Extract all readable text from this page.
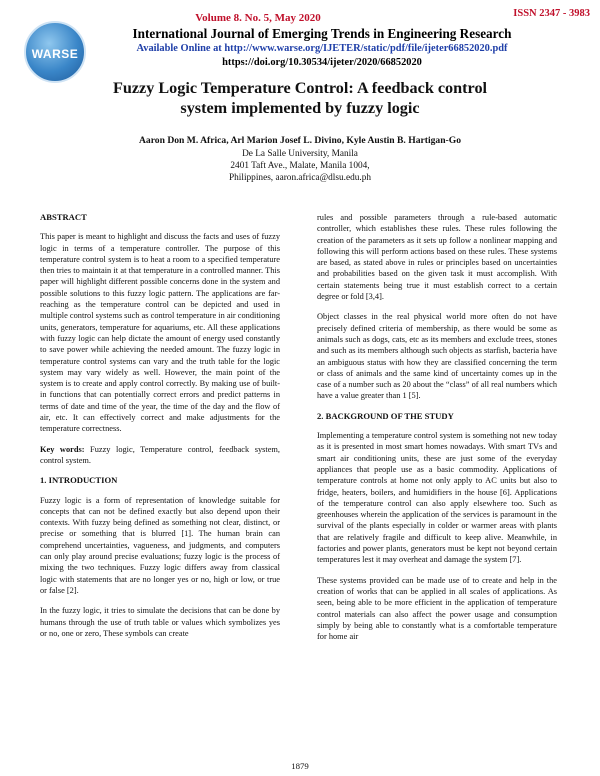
ISSN 2347 - 3983
WARSE
Volume 8. No. 5, May 2020
International Journal of Emerging Trends in Engineering Research
Available Online at http://www.warse.org/IJETER/static/pdf/file/ijeter66852020.pdf
https://doi.org/10.30534/ijeter/2020/66852020
Fuzzy Logic Temperature Control: A feedback control
system implemented by fuzzy logic
Aaron Don M. Africa, Arl Marion Josef L. Divino, Kyle Austin B. Hartigan-Go
De La Salle University, Manila
2401 Taft Ave., Malate, Manila 1004,
Philippines, aaron.africa@dlsu.edu.ph
ABSTRACT

This paper is meant to highlight and discuss the facts and uses of fuzzy logic in terms of a temperature controller. The purpose of this temperature control system is to heat a room to a specified temperature then tries to maintain it at that temperature in a controlled manner. This paper will highlight different possible concerns done in the system and possible solutions to this fuzzy logic pattern. The applications are far-reaching as the temperature control can be depicted and used in multiple control systems such as control temperature in air conditioning units, generators, temperature for aquariums, etc. All these applications with fuzzy logic can help dictate the amount of energy used constantly to save power while achieving the needed amount. The fuzzy logic in temperature control systems can vary and the truth table for the logic system may vary widely as well. However, the main point of the system is to create and apply control correctly. By making use of built-in functions that can potentially correct errors and predict patterns in terms of date and time of the year, the time of the day and the flow of air, etc. It can effectively correct and make adjustments for the temperature correctness.

Key words: Fuzzy logic, Temperature control, feedback system, control system.

1. INTRODUCTION

Fuzzy logic is a form of representation of knowledge suitable for concepts that can not be defined exactly but also depend upon their contexts. With fuzzy being defined as something not clear, distinct, or precise or something that is blurred [1]. The human brain can comprehend uncertainties, vagueness, and judgments, and computers can only play around precise evaluations; fuzzy logic is the process of mixing the two techniques. Fuzzy logic differs away from classical logic with statements that are no longer yes or no, high or low, or true or false [2].

In the fuzzy logic, it tries to simulate the decisions that can be done by humans through the use of truth table or values which symbolizes yes or no, one or zero, These symbols can create

rules and possible parameters through a rule-based automatic controller, which establishes these rules. These rules following the creation of the parameters as it sets up follow a nonlinear mapping and following this will perform actions based on these rules. These systems are based, as stated above in rules or principles based on uncertainties and probabilities based on the given task it must accomplish. With certain statements being true it must establish correct to a certain degree or fold [3,4].

Object classes in the real physical world more often do not have precisely defined criteria of membership, as there would be some as animals such as dogs, cats, etc as its members and exclude trees, stones and such as its members although such objects as starfish, bacteria have an ambiguous status with how they are classified concerning the term or class of animals and the same kind of uncertainty comes up in the case of a number such as 20 about the “class” of all real numbers which have a value greater than 1 [5].

2. BACKGROUND OF THE STUDY

Implementing a temperature control system is something not new today as it is presented in most smart homes nowadays. With smart TVs and smart air conditioning units, these are just some of the everyday appliances that people use as a basic commodity. Applications of temperature controls at home not only apply to AC units but also to fridge, heaters, boilers, and humidifiers in the house [6]. Applications of the temperature control can also apply elsewhere too. Such as greenhouses wherein the application of the services is paramount in the survival of the plants especially in colder or warmer areas with plants that are relatively fragile and difficult to keep alive. Meanwhile, in factories and power plants, generators must be kept not beyond certain temperatures lest it may overheat and damage the system [7].

These systems provided can be made use of to create and help in the creation of works that can be applied in all scales of applications. As seen, being able to be more efficient in the application of temperature control materials can also affect the power usage and consumption simply by being able to constantly what is a comfortable temperature for home air

1879
